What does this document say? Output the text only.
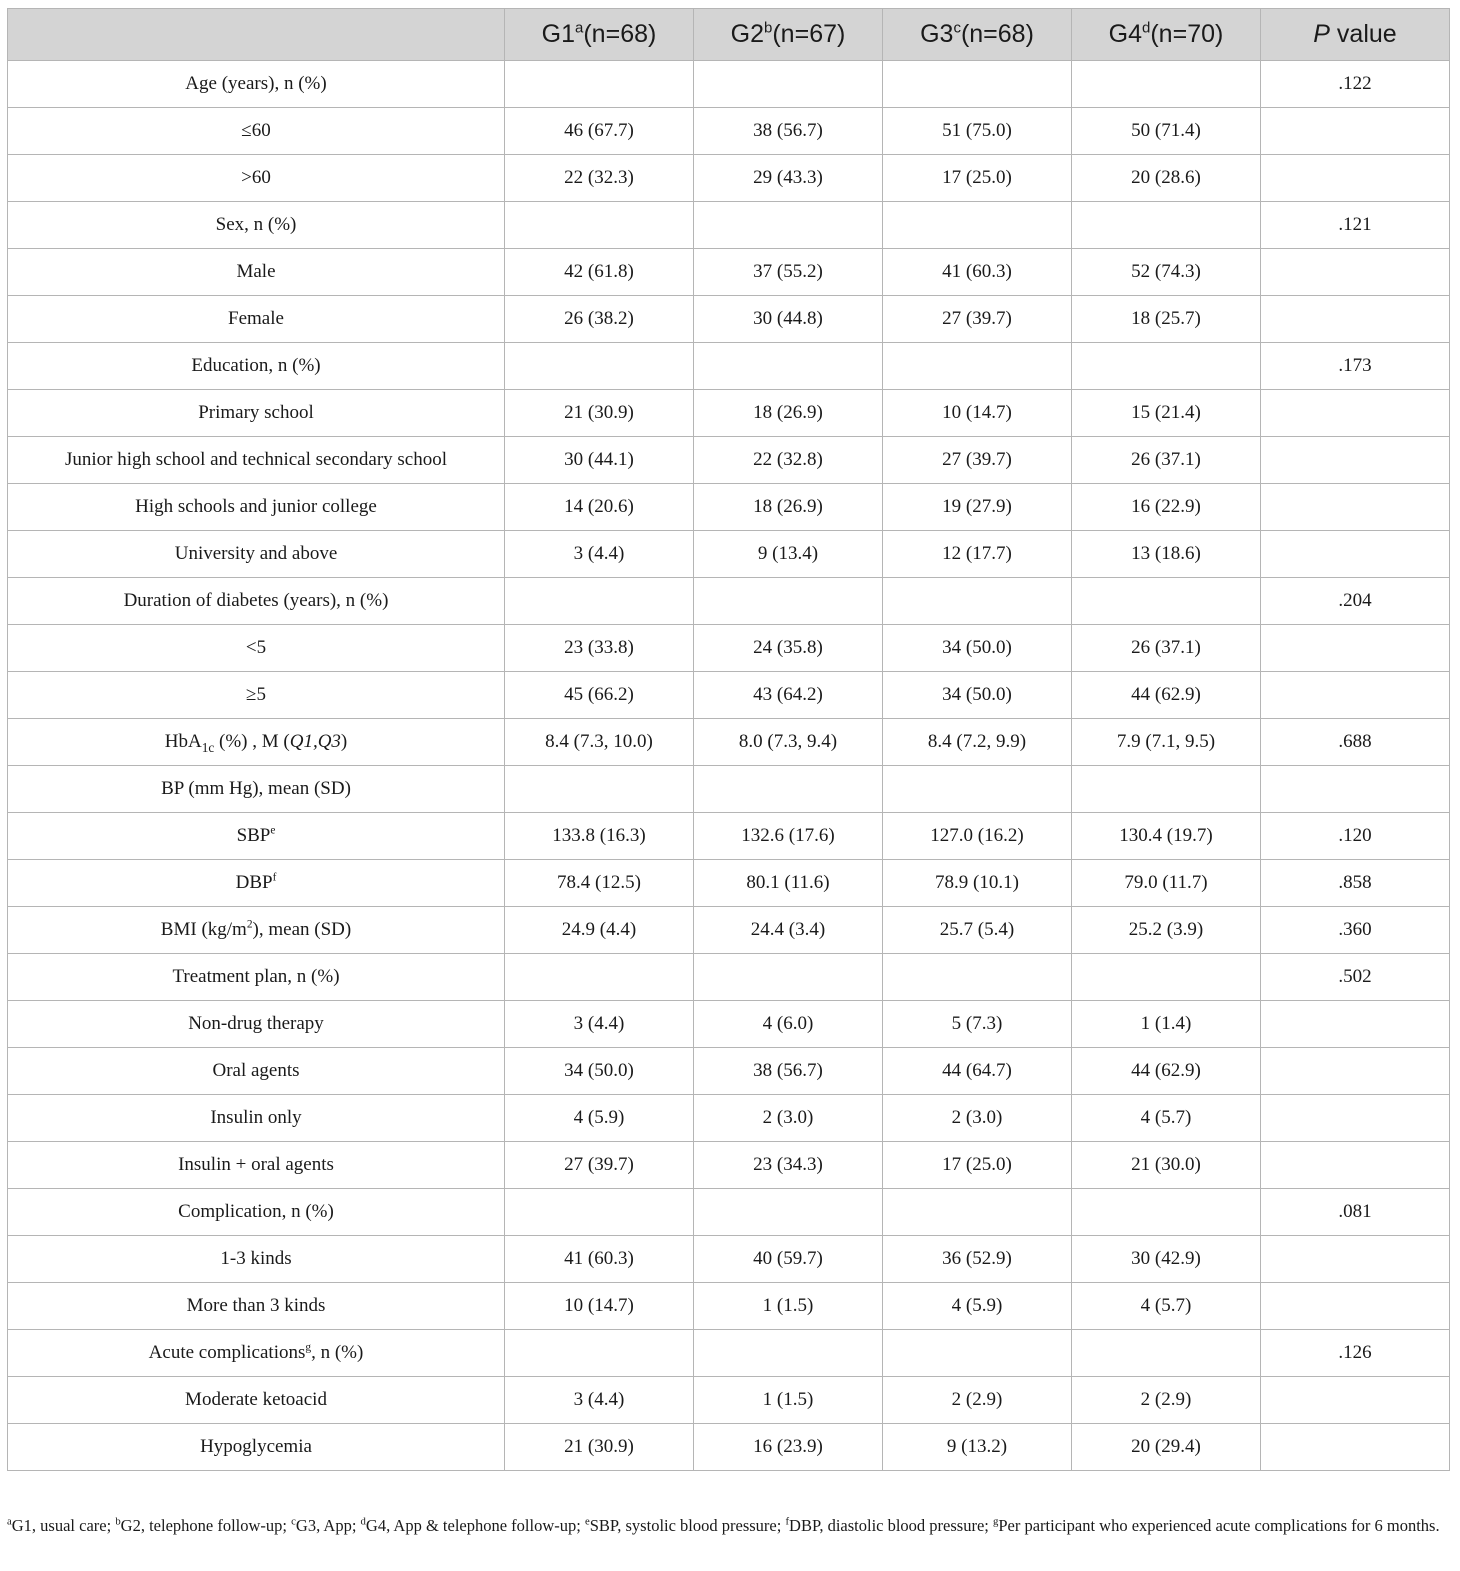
	$G1^a(n=68)$	$G2^b(n=67)$	$G3^c(n=68)$	$G4^d(n=70)$	P value
Age (years), n (%)					.122
≤60	46 (67.7)	38 (56.7)	51 (75.0)	50 (71.4)	
>60	22 (32.3)	29 (43.3)	17 (25.0)	20 (28.6)	
Sex, n (%)					.121
Male	42 (61.8)	37 (55.2)	41 (60.3)	52 (74.3)	
Female	26 (38.2)	30 (44.8)	27 (39.7)	18 (25.7)	
Education, n (%)					.173
Primary school	21 (30.9)	18 (26.9)	10 (14.7)	15 (21.4)	
Junior high school and technical secondary school	30 (44.1)	22 (32.8)	27 (39.7)	26 (37.1)	
High schools and junior college	14 (20.6)	18 (26.9)	19 (27.9)	16 (22.9)	
University and above	3 (4.4)	9 (13.4)	12 (17.7)	13 (18.6)	
Duration of diabetes (years), n (%)					.204
<5	23 (33.8)	24 (35.8)	34 (50.0)	26 (37.1)	
≥5	45 (66.2)	43 (64.2)	34 (50.0)	44 (62.9)	
HbA$_{1c}$ (%) , M (Q1,Q3)	8.4 (7.3, 10.0)	8.0 (7.3, 9.4)	8.4 (7.2, 9.9)	7.9 (7.1, 9.5)	.688
BP (mm Hg), mean (SD)					
SBP$^e$	133.8 (16.3)	132.6 (17.6)	127.0 (16.2)	130.4 (19.7)	.120
DBP$^f$	78.4 (12.5)	80.1 (11.6)	78.9 (10.1)	79.0 (11.7)	.858
BMI $(kg/m^2)$, mean (SD)	24.9 (4.4)	24.4 (3.4)	25.7 (5.4)	25.2 (3.9)	.360
Treatment plan, n (%)					.502
Non-drug therapy	3 (4.4)	4 (6.0)	5 (7.3)	1 (1.4)	
Oral agents	34 (50.0)	38 (56.7)	44 (64.7)	44 (62.9)	
Insulin only	4 (5.9)	2 (3.0)	2 (3.0)	4 (5.7)	
Insulin + oral agents	27 (39.7)	23 (34.3)	17 (25.0)	21 (30.0)	
Complication, n (%)					.081
1-3 kinds	41 (60.3)	40 (59.7)	36 (52.9)	30 (42.9)	
More than 3 kinds	10 (14.7)	1 (1.5)	4 (5.9)	4 (5.7)	
Acute complications$^g$, n (%)					.126
Moderate ketoacid	3 (4.4)	1 (1.5)	2 (2.9)	2 (2.9)	
Hypoglycemia	21 (30.9)	16 (23.9)	9 (13.2)	20 (29.4)	
$^a$G1, usual care; $^b$G2, telephone follow-up; $^c$G3, App; $^d$G4, App & telephone follow-up; $^e$SBP, systolic blood pressure; $^f$DBP, diastolic blood pressure; $^g$Per participant who experienced acute complications for 6 months.
